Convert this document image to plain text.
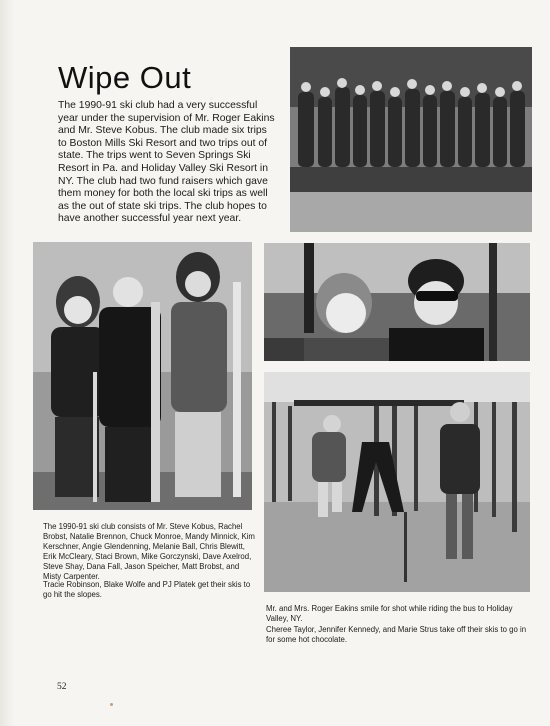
Wipe Out
The 1990-91 ski club had a very successful year under the supervision of Mr. Roger Eakins and Mr. Steve Kobus. The club made six trips to Boston Mills Ski Resort and two trips out of state. The trips went to Seven Springs Ski Resort in Pa. and Holiday Valley Ski Resort in NY. The club had two fund raisers which gave them money for both the local ski trips as well as the out of state ski trips. The club hopes to have another successful year next year.
The 1990-91 ski club consists of Mr. Steve Kobus, Rachel Brobst, Natalie Brennon, Chuck Monroe, Mandy Minnick, Kim Kerschner, Angie Glendenning, Melanie Ball, Chris Blewitt, Erik McCleary, Staci Brown, Mike Gorczynski, Dave Axelrod, Steve Shay, Dana Fall, Jason Speicher, Matt Brobst, and Misty Carpenter.
Tracie Robinson, Blake Wolfe and PJ Platek get their skis to go hit the slopes.
Mr. and Mrs. Roger Eakins smile for shot while riding the bus to Holiday Valley, NY.
Cheree Taylor, Jennifer Kennedy, and Marie Strus take off their skis to go in for some hot chocolate.
52
